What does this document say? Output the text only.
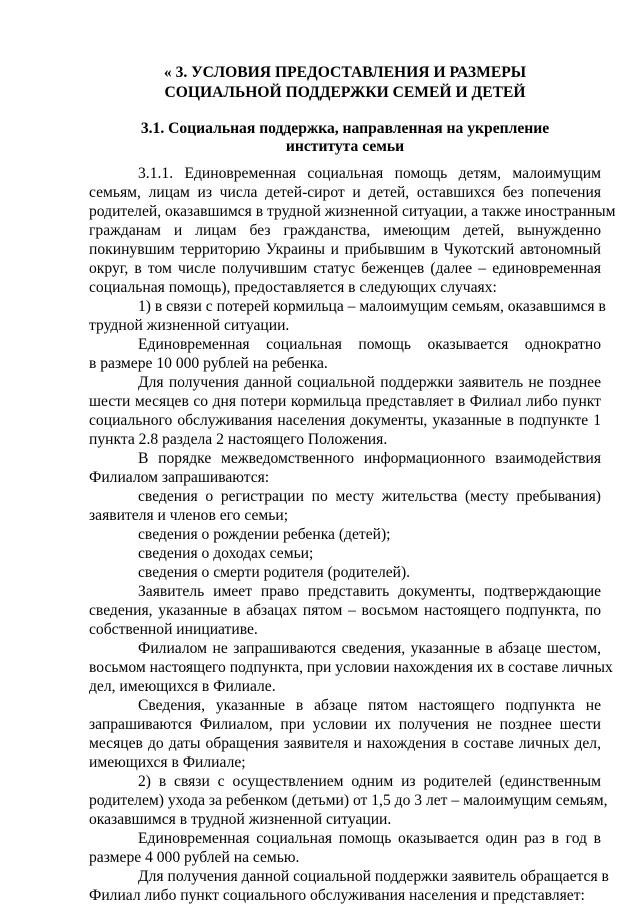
« 3. УСЛОВИЯ ПРЕДОСТАВЛЕНИЯ И РАЗМЕРЫ
СОЦИАЛЬНОЙ ПОДДЕРЖКИ СЕМЕЙ И ДЕТЕЙ
3.1. Социальная поддержка, направленная на укрепление
института семьи
3.1.1. Единовременная социальная помощь детям, малоимущим
семьям, лицам из числа детей-сирот и детей, оставшихся без попечения
родителей, оказавшимся в трудной жизненной ситуации, а также иностранным
гражданам и лицам без гражданства, имеющим детей, вынужденно
покинувшим территорию Украины и прибывшим в Чукотский автономный
округ, в том числе получившим статус беженцев (далее – единовременная
социальная помощь), предоставляется в следующих случаях:
1) в связи с потерей кормильца – малоимущим семьям, оказавшимся в
трудной жизненной ситуации.
Единовременная социальная помощь оказывается однократно
в размере 10 000 рублей на ребенка.
Для получения данной социальной поддержки заявитель не позднее
шести месяцев со дня потери кормильца представляет в Филиал либо пункт
социального обслуживания населения документы, указанные в подпункте 1
пункта 2.8 раздела 2 настоящего Положения.
В порядке межведомственного информационного взаимодействия
Филиалом запрашиваются:
сведения о регистрации по месту жительства (месту пребывания)
заявителя и членов его семьи;
сведения о рождении ребенка (детей);
сведения о доходах семьи;
сведения о смерти родителя (родителей).
Заявитель имеет право представить документы, подтверждающие
сведения, указанные в абзацах пятом – восьмом настоящего подпункта, по
собственной инициативе.
Филиалом не запрашиваются сведения, указанные в абзаце шестом,
восьмом настоящего подпункта, при условии нахождения их в составе личных
дел, имеющихся в Филиале.
Сведения, указанные в абзаце пятом настоящего подпункта не
запрашиваются Филиалом, при условии их получения не позднее шести
месяцев до даты обращения заявителя и нахождения в составе личных дел,
имеющихся в Филиале;
2) в связи с осуществлением одним из родителей (единственным
родителем) ухода за ребенком (детьми) от 1,5 до 3 лет – малоимущим семьям,
оказавшимся в трудной жизненной ситуации.
Единовременная социальная помощь оказывается один раз в год в
размере 4 000 рублей на семью.
Для получения данной социальной поддержки заявитель обращается в
Филиал либо пункт социального обслуживания населения и представляет:
